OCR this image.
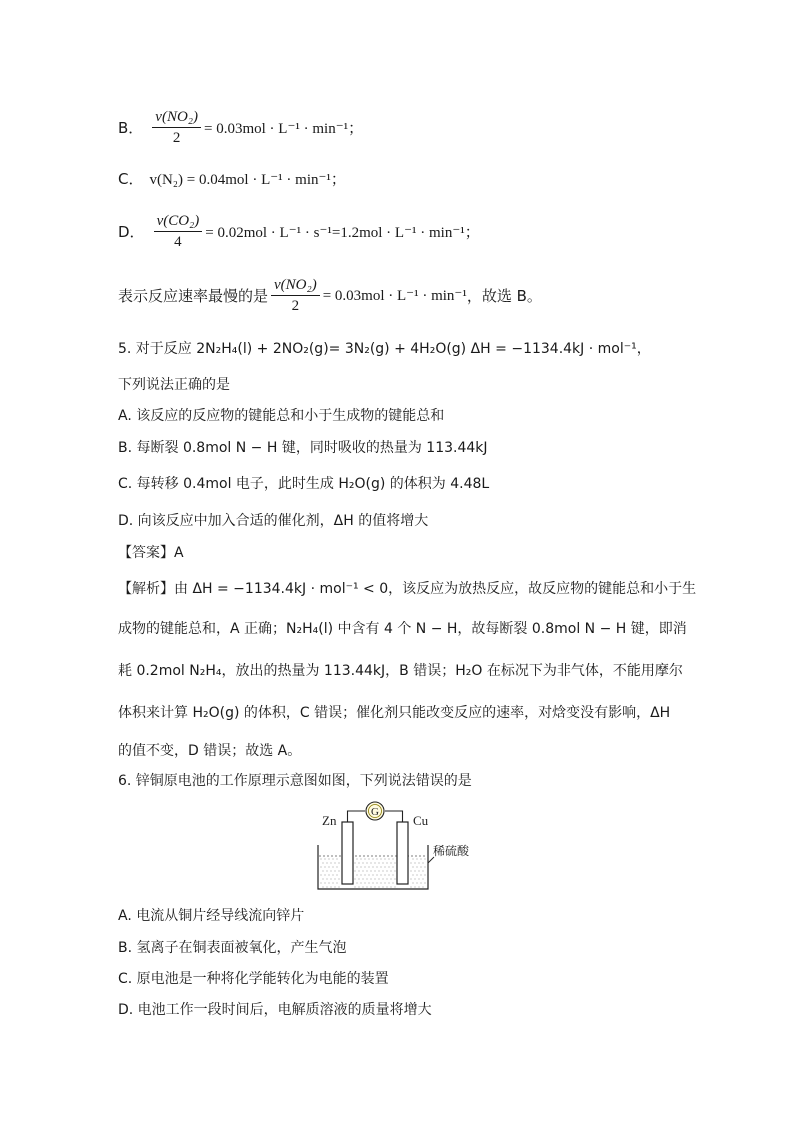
B． $\frac{\text{v(NO₂)}}{2} = 0.03mol \cdot L^{-1} \cdot \min^{-1}$；
C． v(N₂) = 0.04mol · L⁻¹ · min⁻¹；
D． $\frac{\text{v(CO₂)}}{4} = 0.02mol \cdot L^{-1} \cdot s^{-1}=1.2mol \cdot L^{-1} \cdot \min^{-1}$；
表示反应速率最慢的是 $\frac{\text{v(NO₂)}}{2} = 0.03mol \cdot L^{-1} \cdot \min^{-1}$ ，故选 B。
5. 对于反应 2N₂H₄(l) + 2NO₂(g)= 3N₂(g) + 4H₂O(g) ΔH = −1134.4kJ · mol⁻¹，
下列说法正确的是
A. 该反应的反应物的键能总和小于生成物的键能总和
B. 每断裂 0.8mol N − H 键，同时吸收的热量为 113.44kJ
C. 每转移 0.4mol 电子，此时生成 H₂O(g) 的体积为 4.48L
D. 向该反应中加入合适的催化剂，ΔH 的值将增大
【答案】A
【解析】由 ΔH = −1134.4kJ · mol⁻¹ < 0，该反应为放热反应，故反应物的键能总和小于生
成物的键能总和，A 正确；N₂H₄(l) 中含有 4 个 N − H，故每断裂 0.8mol N − H 键，即消
耗 0.2mol N₂H₄，放出的热量为 113.44kJ，B 错误；H₂O 在标况下为非气体，不能用摩尔
体积来计算 H₂O(g) 的体积，C 错误；催化剂只能改变反应的速率，对焓变没有影响，ΔH
的值不变，D 错误；故选 A。
6. 锌铜原电池的工作原理示意图如图，下列说法错误的是
G
Zn	Cu
稀硫酸
A. 电流从铜片经导线流向锌片
B. 氢离子在铜表面被氧化，产生气泡
C. 原电池是一种将化学能转化为电能的装置
D. 电池工作一段时间后，电解质溶液的质量将增大
